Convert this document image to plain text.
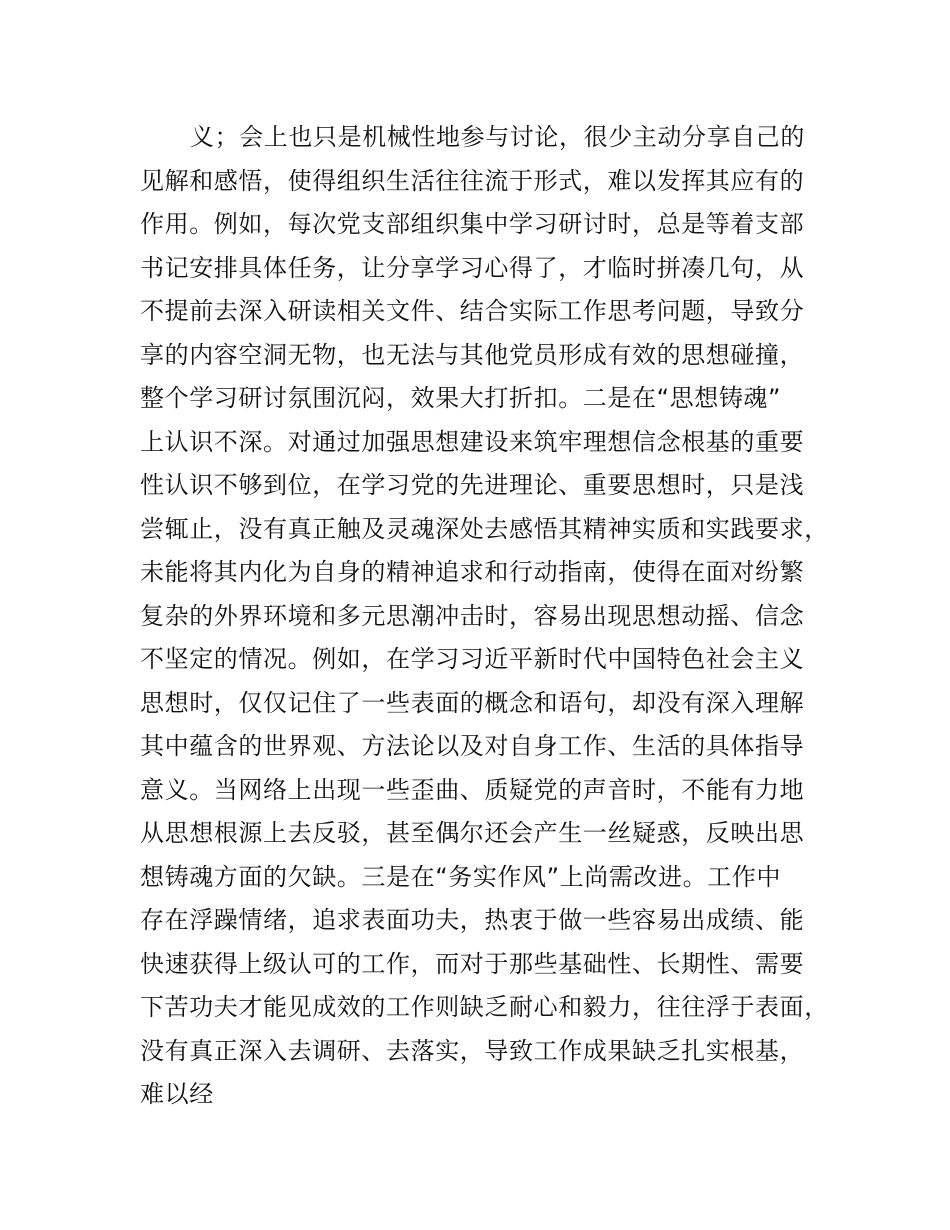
义；会上也只是机械性地参与讨论，很少主动分享自己的
见解和感悟，使得组织生活往往流于形式，难以发挥其应有的
作用。例如，每次党支部组织集中学习研讨时，总是等着支部
书记安排具体任务，让分享学习心得了，才临时拼凑几句，从
不提前去深入研读相关文件、结合实际工作思考问题，导致分
享的内容空洞无物，也无法与其他党员形成有效的思想碰撞，
整个学习研讨氛围沉闷，效果大打折扣。二是在“思想铸魂”
上认识不深。对通过加强思想建设来筑牢理想信念根基的重要
性认识不够到位，在学习党的先进理论、重要思想时，只是浅
尝辄止，没有真正触及灵魂深处去感悟其精神实质和实践要求，
未能将其内化为自身的精神追求和行动指南，使得在面对纷繁
复杂的外界环境和多元思潮冲击时，容易出现思想动摇、信念
不坚定的情况。例如，在学习习近平新时代中国特色社会主义
思想时，仅仅记住了一些表面的概念和语句，却没有深入理解
其中蕴含的世界观、方法论以及对自身工作、生活的具体指导
意义。当网络上出现一些歪曲、质疑党的声音时，不能有力地
从思想根源上去反驳，甚至偶尔还会产生一丝疑惑，反映出思
想铸魂方面的欠缺。三是在“务实作风”上尚需改进。工作中
存在浮躁情绪，追求表面功夫，热衷于做一些容易出成绩、能
快速获得上级认可的工作，而对于那些基础性、长期性、需要
下苦功夫才能见成效的工作则缺乏耐心和毅力，往往浮于表面，
没有真正深入去调研、去落实，导致工作成果缺乏扎实根基，
难以经
